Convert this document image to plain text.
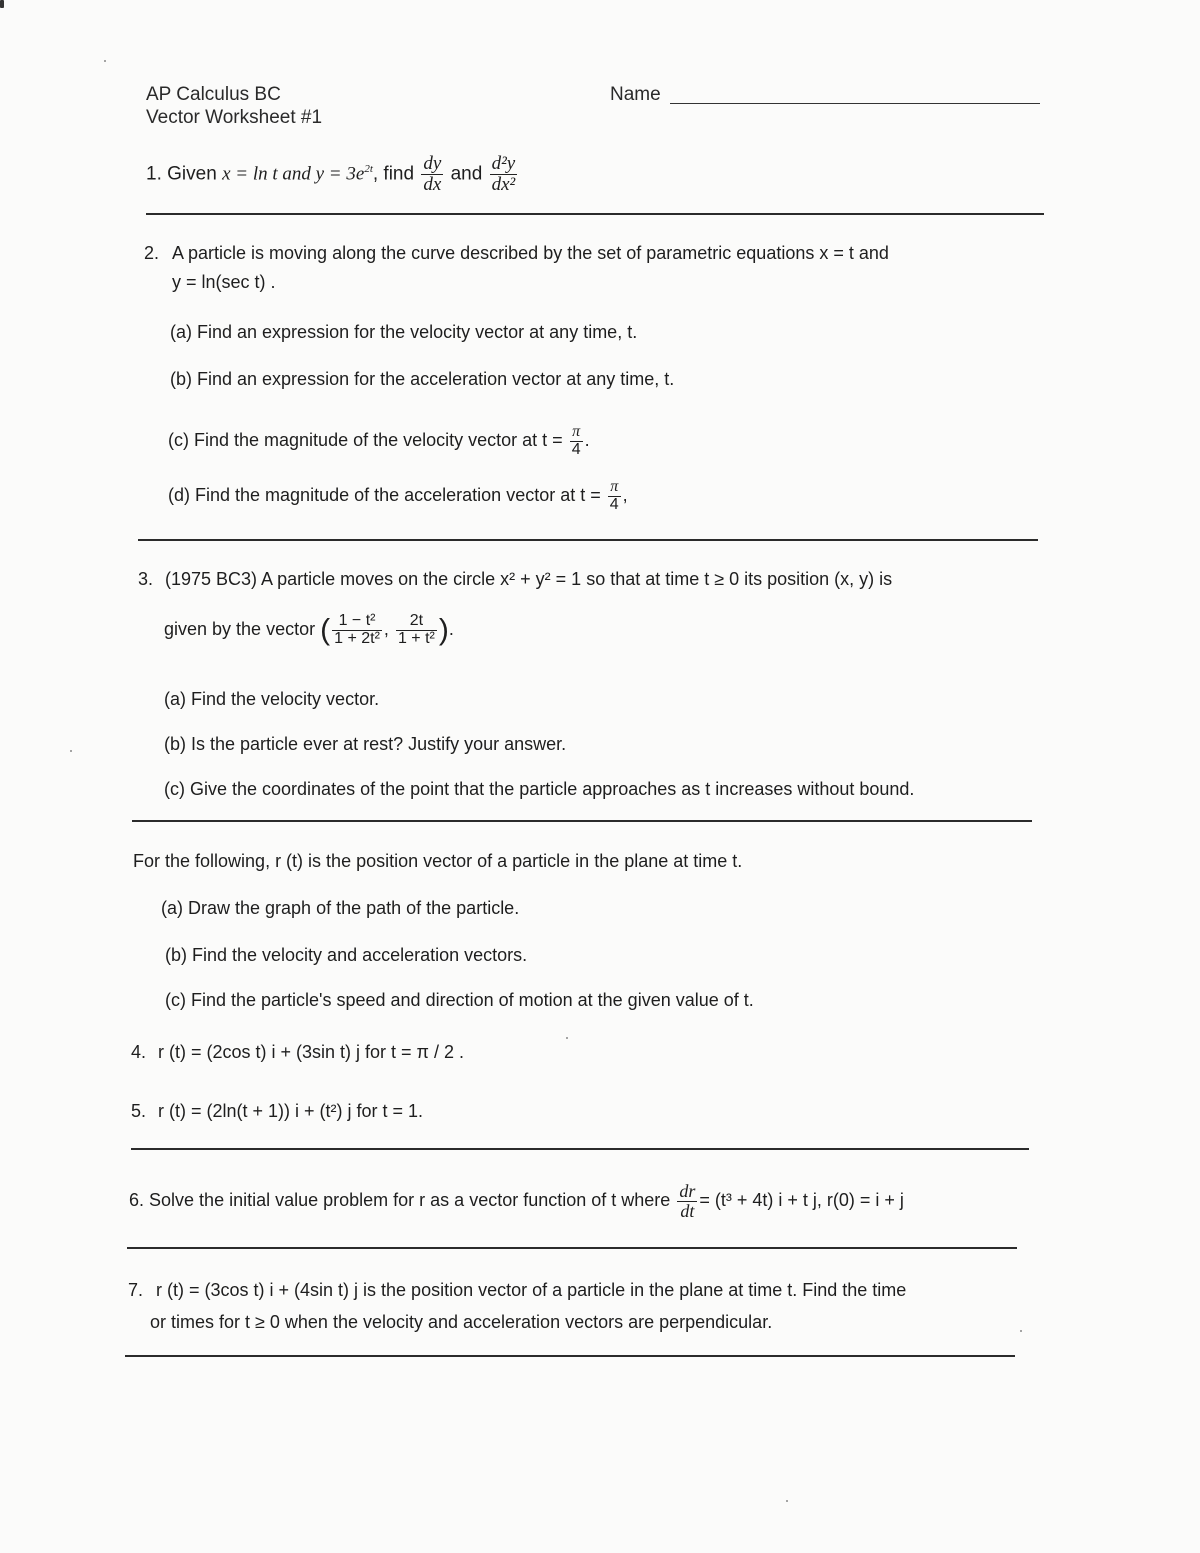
AP Calculus BC
Vector Worksheet #1
Name
1. Given x = ln t and $y = 3e^{2t}$, find $\frac{dy}{dx}$ and $\frac{\text{d²y}}{\text{dx²}}$
2. A particle is moving along the curve described by the set of parametric equations x = t and
y = ln(sec t) .
(a) Find an expression for the velocity vector at any time, t.
(b) Find an expression for the acceleration vector at any time, t.
(c) Find the magnitude of the velocity vector at $t = \frac{\pi}{4}$ .
(d) Find the magnitude of the acceleration vector at $t = \frac{\pi}{4}$ ,
3. (1975 BC3) A particle moves on the circle x² + y² = 1 so that at time t ≥ 0 its position (x, y) is
given by the vector ( $\frac{\text{1 − t²}}{\text{1 + 2t²}}$ , $\frac{2t}{\text{1 + t²}}$ ).
(a) Find the velocity vector.
(b) Is the particle ever at rest? Justify your answer.
(c) Give the coordinates of the point that the particle approaches as t increases without bound.
For the following, r (t) is the position vector of a particle in the plane at time t.
(a) Draw the graph of the path of the particle.
(b) Find the velocity and acceleration vectors.
(c) Find the particle's speed and direction of motion at the given value of t.
4. r (t) = (2cos t) i + (3sin t) j for t = π / 2 .
5. r (t) = (2ln(t + 1)) i + (t²) j for t = 1.
6. Solve the initial value problem for r as a vector function of t where $\frac{dr}{dt} = (t^3 + 4t) i + t$ j, r(0) = i + j
7. r (t) = (3cos t) i + (4sin t) j is the position vector of a particle in the plane at time t. Find the time
or times for t ≥ 0 when the velocity and acceleration vectors are perpendicular.
